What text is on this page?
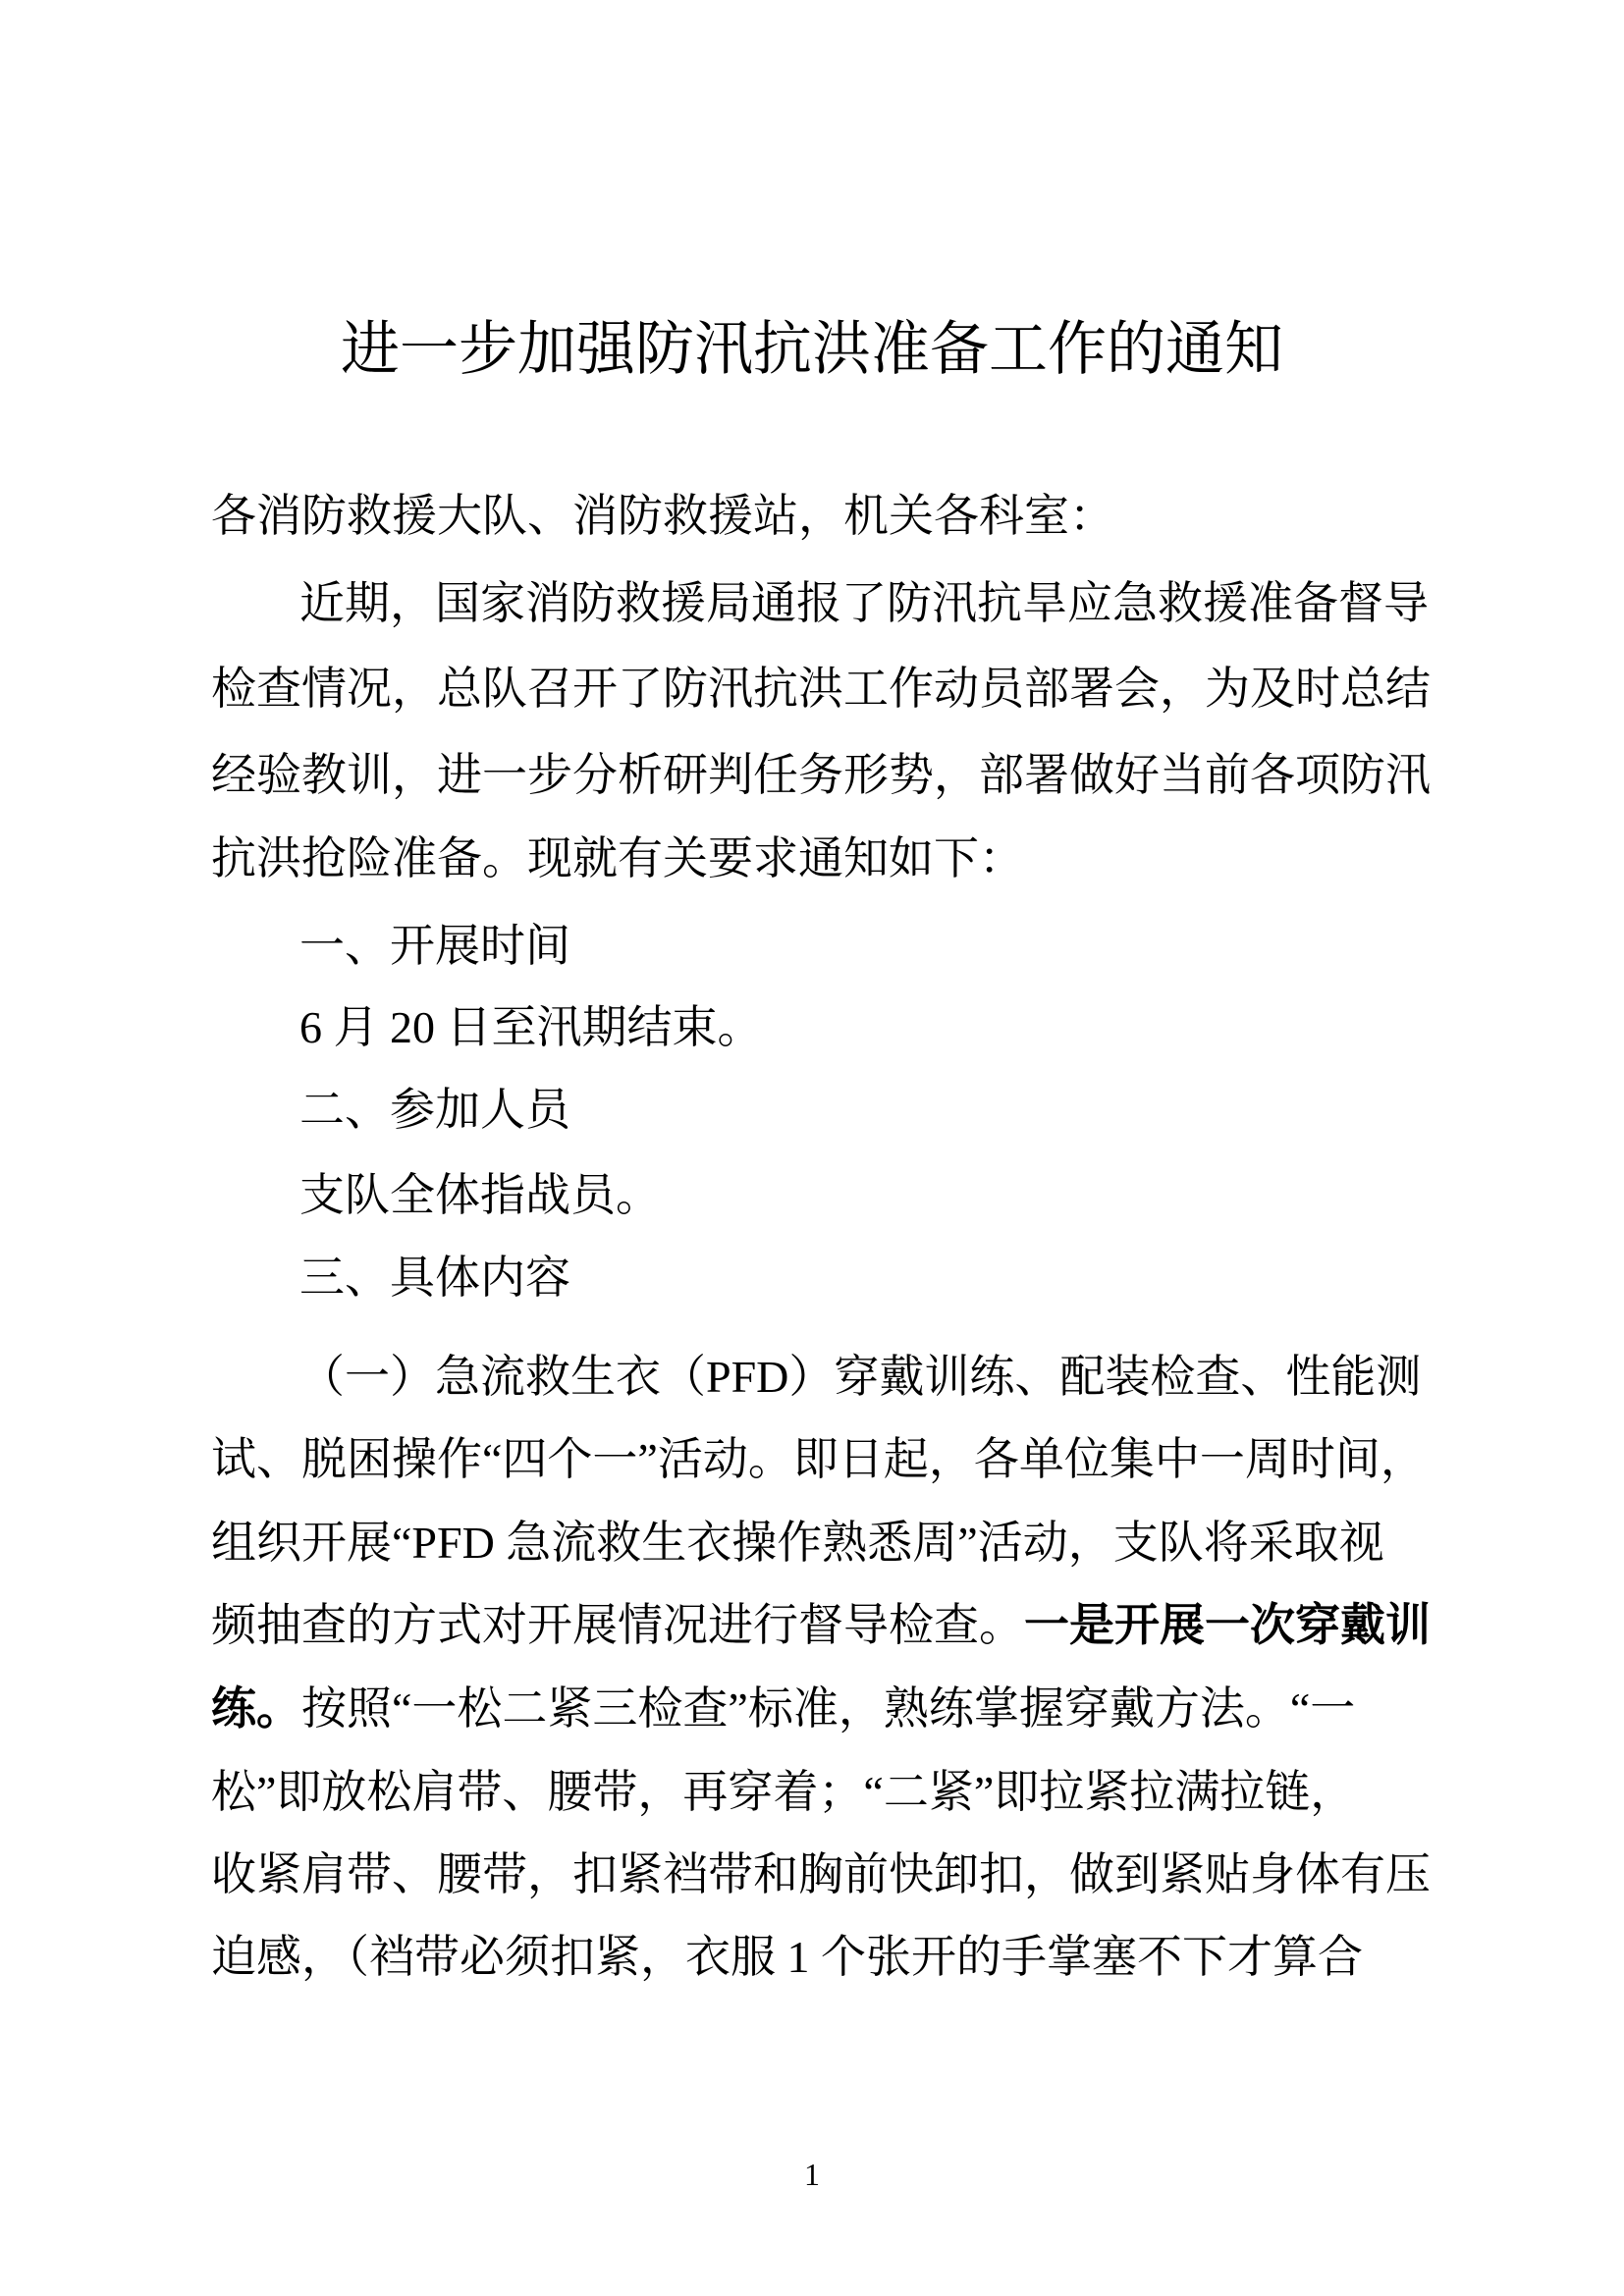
进一步加强防汛抗洪准备工作的通知
各消防救援大队、消防救援站，机关各科室：
近期，国家消防救援局通报了防汛抗旱应急救援准备督导
检查情况，总队召开了防汛抗洪工作动员部署会，为及时总结
经验教训，进一步分析研判任务形势，部署做好当前各项防汛
抗洪抢险准备。现就有关要求通知如下：
一、开展时间
6 月 20 日至汛期结束。
二、参加人员
支队全体指战员。
三、具体内容
（一）急流救生衣（PFD）穿戴训练、配装检查、性能测
试、脱困操作“四个一”活动。即日起，各单位集中一周时间，
组织开展“PFD 急流救生衣操作熟悉周”活动，支队将采取视
频抽查的方式对开展情况进行督导检查。一是开展一次穿戴训
练。按照“一松二紧三检查”标准，熟练掌握穿戴方法。“一
松”即放松肩带、腰带，再穿着；“二紧”即拉紧拉满拉链，
收紧肩带、腰带，扣紧裆带和胸前快卸扣，做到紧贴身体有压
迫感，（裆带必须扣紧，衣服 1 个张开的手掌塞不下才算合
1
